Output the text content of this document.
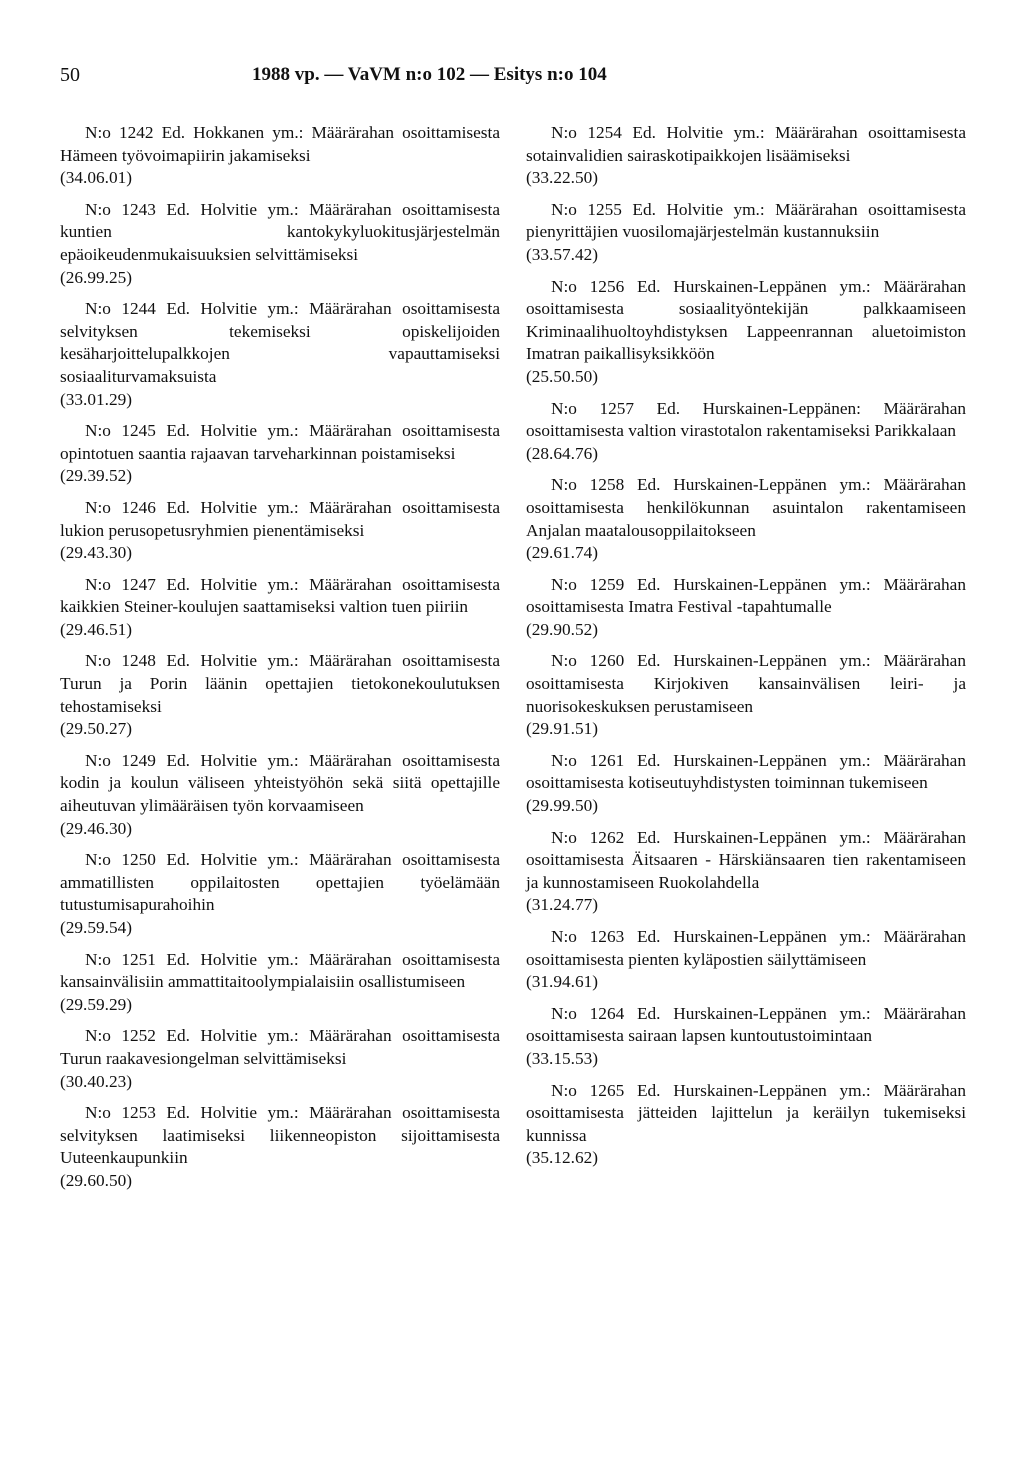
50	1988 vp. — VaVM n:o 102 — Esitys n:o 104

N:o 1242 Ed. Hokkanen ym.: Määrärahan osoittamisesta Hämeen työvoimapiirin jakamiseksi

(34.06.01)

N:o 1243 Ed. Holvitie ym.: Määrärahan osoittamisesta kuntien kantokykyluokitusjärjestelmän epäoikeudenmukaisuuksien selvittämiseksi

(26.99.25)

N:o 1244 Ed. Holvitie ym.: Määrärahan osoittamisesta selvityksen tekemiseksi opiskelijoiden kesäharjoittelupalkkojen vapauttamiseksi sosiaaliturvamaksuista

(33.01.29)

N:o 1245 Ed. Holvitie ym.: Määrärahan osoittamisesta opintotuen saantia rajaavan tarveharkinnan poistamiseksi

(29.39.52)

N:o 1246 Ed. Holvitie ym.: Määrärahan osoittamisesta lukion perusopetusryhmien pienentämiseksi

(29.43.30)

N:o 1247 Ed. Holvitie ym.: Määrärahan osoittamisesta kaikkien Steiner-koulujen saattamiseksi valtion tuen piiriin

(29.46.51)

N:o 1248 Ed. Holvitie ym.: Määrärahan osoittamisesta Turun ja Porin läänin opettajien tietokonekoulutuksen tehostamiseksi

(29.50.27)

N:o 1249 Ed. Holvitie ym.: Määrärahan osoittamisesta kodin ja koulun väliseen yhteistyöhön sekä siitä opettajille aiheutuvan ylimääräisen työn korvaamiseen

(29.46.30)

N:o 1250 Ed. Holvitie ym.: Määrärahan osoittamisesta ammatillisten oppilaitosten opettajien työelämään tutustumisapurahoihin

(29.59.54)

N:o 1251 Ed. Holvitie ym.: Määrärahan osoittamisesta kansainvälisiin ammattitaitoolympialaisiin osallistumiseen

(29.59.29)

N:o 1252 Ed. Holvitie ym.: Määrärahan osoittamisesta Turun raakavesiongelman selvittämiseksi

(30.40.23)

N:o 1253 Ed. Holvitie ym.: Määrärahan osoittamisesta selvityksen laatimiseksi liikenneopiston sijoittamisesta Uuteenkaupunkiin

(29.60.50)

N:o 1254 Ed. Holvitie ym.: Määrärahan osoittamisesta sotainvalidien sairaskotipaikkojen lisäämiseksi

(33.22.50)

N:o 1255 Ed. Holvitie ym.: Määrärahan osoittamisesta pienyrittäjien vuosilomajärjestelmän kustannuksiin

(33.57.42)

N:o 1256 Ed. Hurskainen-Leppänen ym.: Määrärahan osoittamisesta sosiaalityöntekijän palkkaamiseen Kriminaalihuoltoyhdistyksen Lappeenrannan aluetoimiston Imatran paikallisyksikköön

(25.50.50)

N:o 1257 Ed. Hurskainen-Leppänen: Määrärahan osoittamisesta valtion virastotalon rakentamiseksi Parikkalaan

(28.64.76)

N:o 1258 Ed. Hurskainen-Leppänen ym.: Määrärahan osoittamisesta henkilökunnan asuintalon rakentamiseen Anjalan maatalousoppilaitokseen

(29.61.74)

N:o 1259 Ed. Hurskainen-Leppänen ym.: Määrärahan osoittamisesta Imatra Festival -tapahtumalle

(29.90.52)

N:o 1260 Ed. Hurskainen-Leppänen ym.: Määrärahan osoittamisesta Kirjokiven kansainvälisen leiri- ja nuorisokeskuksen perustamiseen

(29.91.51)

N:o 1261 Ed. Hurskainen-Leppänen ym.: Määrärahan osoittamisesta kotiseutuyhdistysten toiminnan tukemiseen

(29.99.50)

N:o 1262 Ed. Hurskainen-Leppänen ym.: Määrärahan osoittamisesta Äitsaaren - Härskiänsaaren tien rakentamiseen ja kunnostamiseen Ruokolahdella

(31.24.77)

N:o 1263 Ed. Hurskainen-Leppänen ym.: Määrärahan osoittamisesta pienten kyläpostien säilyttämiseen

(31.94.61)

N:o 1264 Ed. Hurskainen-Leppänen ym.: Määrärahan osoittamisesta sairaan lapsen kuntoutustoimintaan

(33.15.53)

N:o 1265 Ed. Hurskainen-Leppänen ym.: Määrärahan osoittamisesta jätteiden lajittelun ja keräilyn tukemiseksi kunnissa

(35.12.62)
